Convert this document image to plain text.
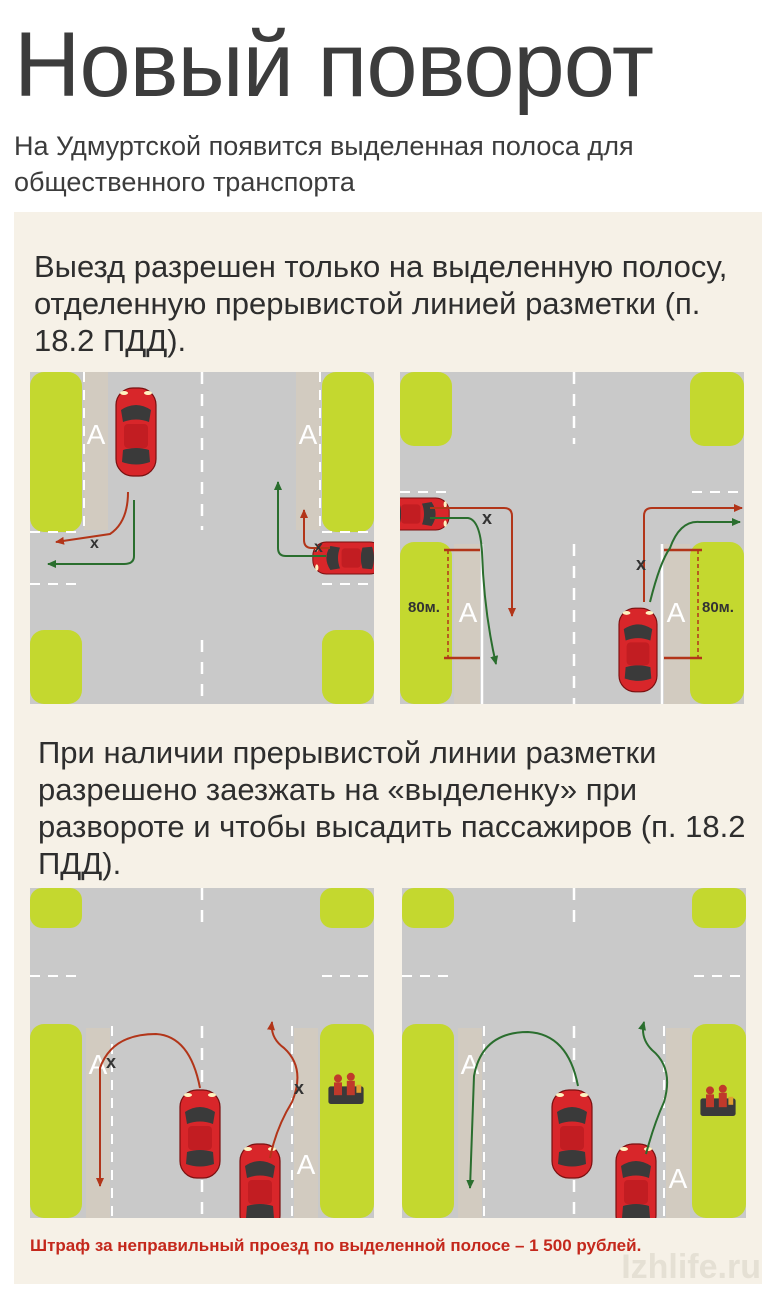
Новый поворот
На Удмуртской появится выделенная полоса для общественного транспорта
Выезд разрешен только на выделенную полосу, отделенную прерывистой линией разметки (п. 18.2 ПДД).
А	А
x	x
80м.	80м.
А	А
x
x
При наличии прерывистой линии разметки разрешено заезжать на «выделенку» при развороте и чтобы высадить пассажиров (п. 18.2 ПДД).
А
А
x
x
А
А
Штраф за неправильный проезд по выделенной полосе – 1 500 рублей.
Izhlife.ru
